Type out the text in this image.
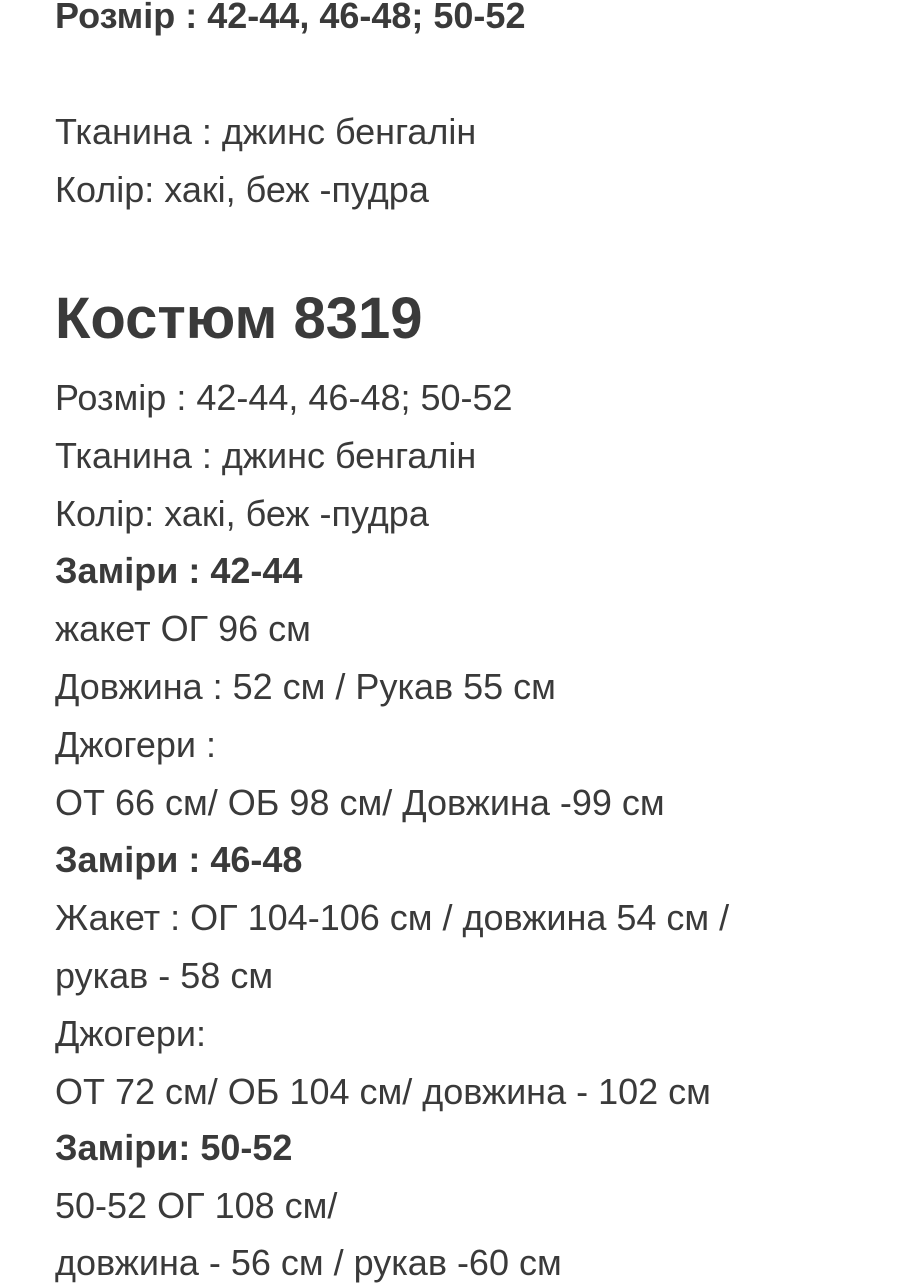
Розмір : 42-44, 46-48; 50-52
Тканина : джинс бенгалін
Колір: хакі, беж -пудра
Костюм 8319
Розмір : 42-44, 46-48; 50-52
Тканина : джинс бенгалін
Колір: хакі, беж -пудра
Заміри : 42-44
жакет ОГ 96 см
Довжина : 52 см / Рукав 55 см
Джогери :
ОТ 66 см/ ОБ 98 см/ Довжина -99 см
Заміри : 46-48
Жакет : ОГ 104-106 см / довжина 54 см /
рукав - 58 см
Джогери:
ОТ 72 см/ ОБ 104 см/ довжина - 102 см
Заміри: 50-52
50-52 ОГ 108 см/
довжина - 56 см / рукав -60 см
